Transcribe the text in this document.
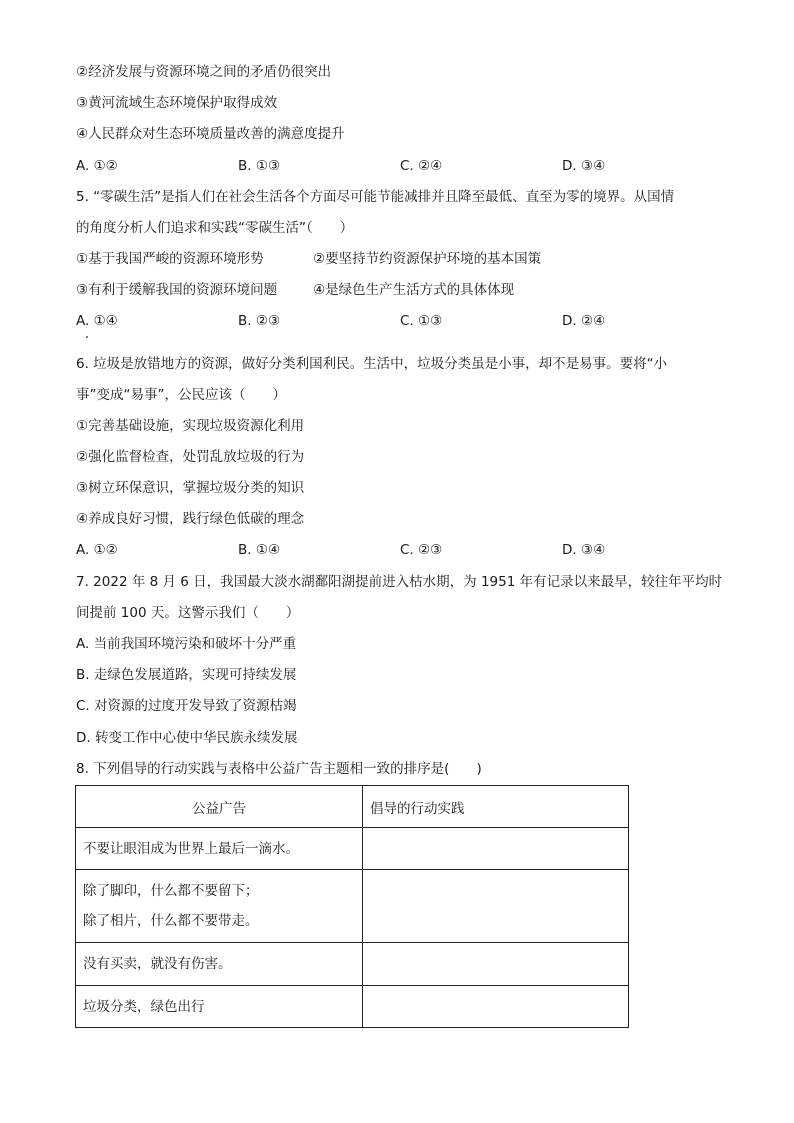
②经济发展与资源环境之间的矛盾仍很突出
③黄河流域生态环境保护取得成效
④人民群众对生态环境质量改善的满意度提升
A. ①②	B. ①③	C. ②④	D. ③④
5. “零碳生活”是指人们在社会生活各个方面尽可能节能减排并且降至最低、直至为零的境界。从国情
的角度分析人们追求和实践“零碳生活”（　　）
①基于我国严峻的资源环境形势	②要坚持节约资源保护环境的基本国策
③有利于缓解我国的资源环境问题	④是绿色生产生活方式的具体体现
A. ①④	B. ②③	C. ①③	D. ②④
6. 垃圾是放错地方的资源，做好分类利国利民。生活中，垃圾分类虽是小事，却不是易事。要将“小
事”变成“易事”，公民应该（　　）
①完善基础设施，实现垃圾资源化利用
②强化监督检查，处罚乱放垃圾的行为
③树立环保意识，掌握垃圾分类的知识
④养成良好习惯，践行绿色低碳的理念
A. ①②	B. ①④	C. ②③	D. ③④
7. 2022 年 8 月 6 日，我国最大淡水湖鄱阳湖提前进入枯水期，为 1951 年有记录以来最早，较往年平均时
间提前 100 天。这警示我们（　　）
A. 当前我国环境污染和破坏十分严重
B. 走绿色发展道路，实现可持续发展
C. 对资源的过度开发导致了资源枯竭
D. 转变工作中心使中华民族永续发展
8. 下列倡导的行动实践与表格中公益广告主题相一致的排序是(　　)
公益广告	倡导的行动实践

不要让眼泪成为世界上最后一滴水。	

除了脚印，什么都不要留下；
除了相片，什么都不要带走。	

没有买卖，就没有伤害。	

垃圾分类，绿色出行	
